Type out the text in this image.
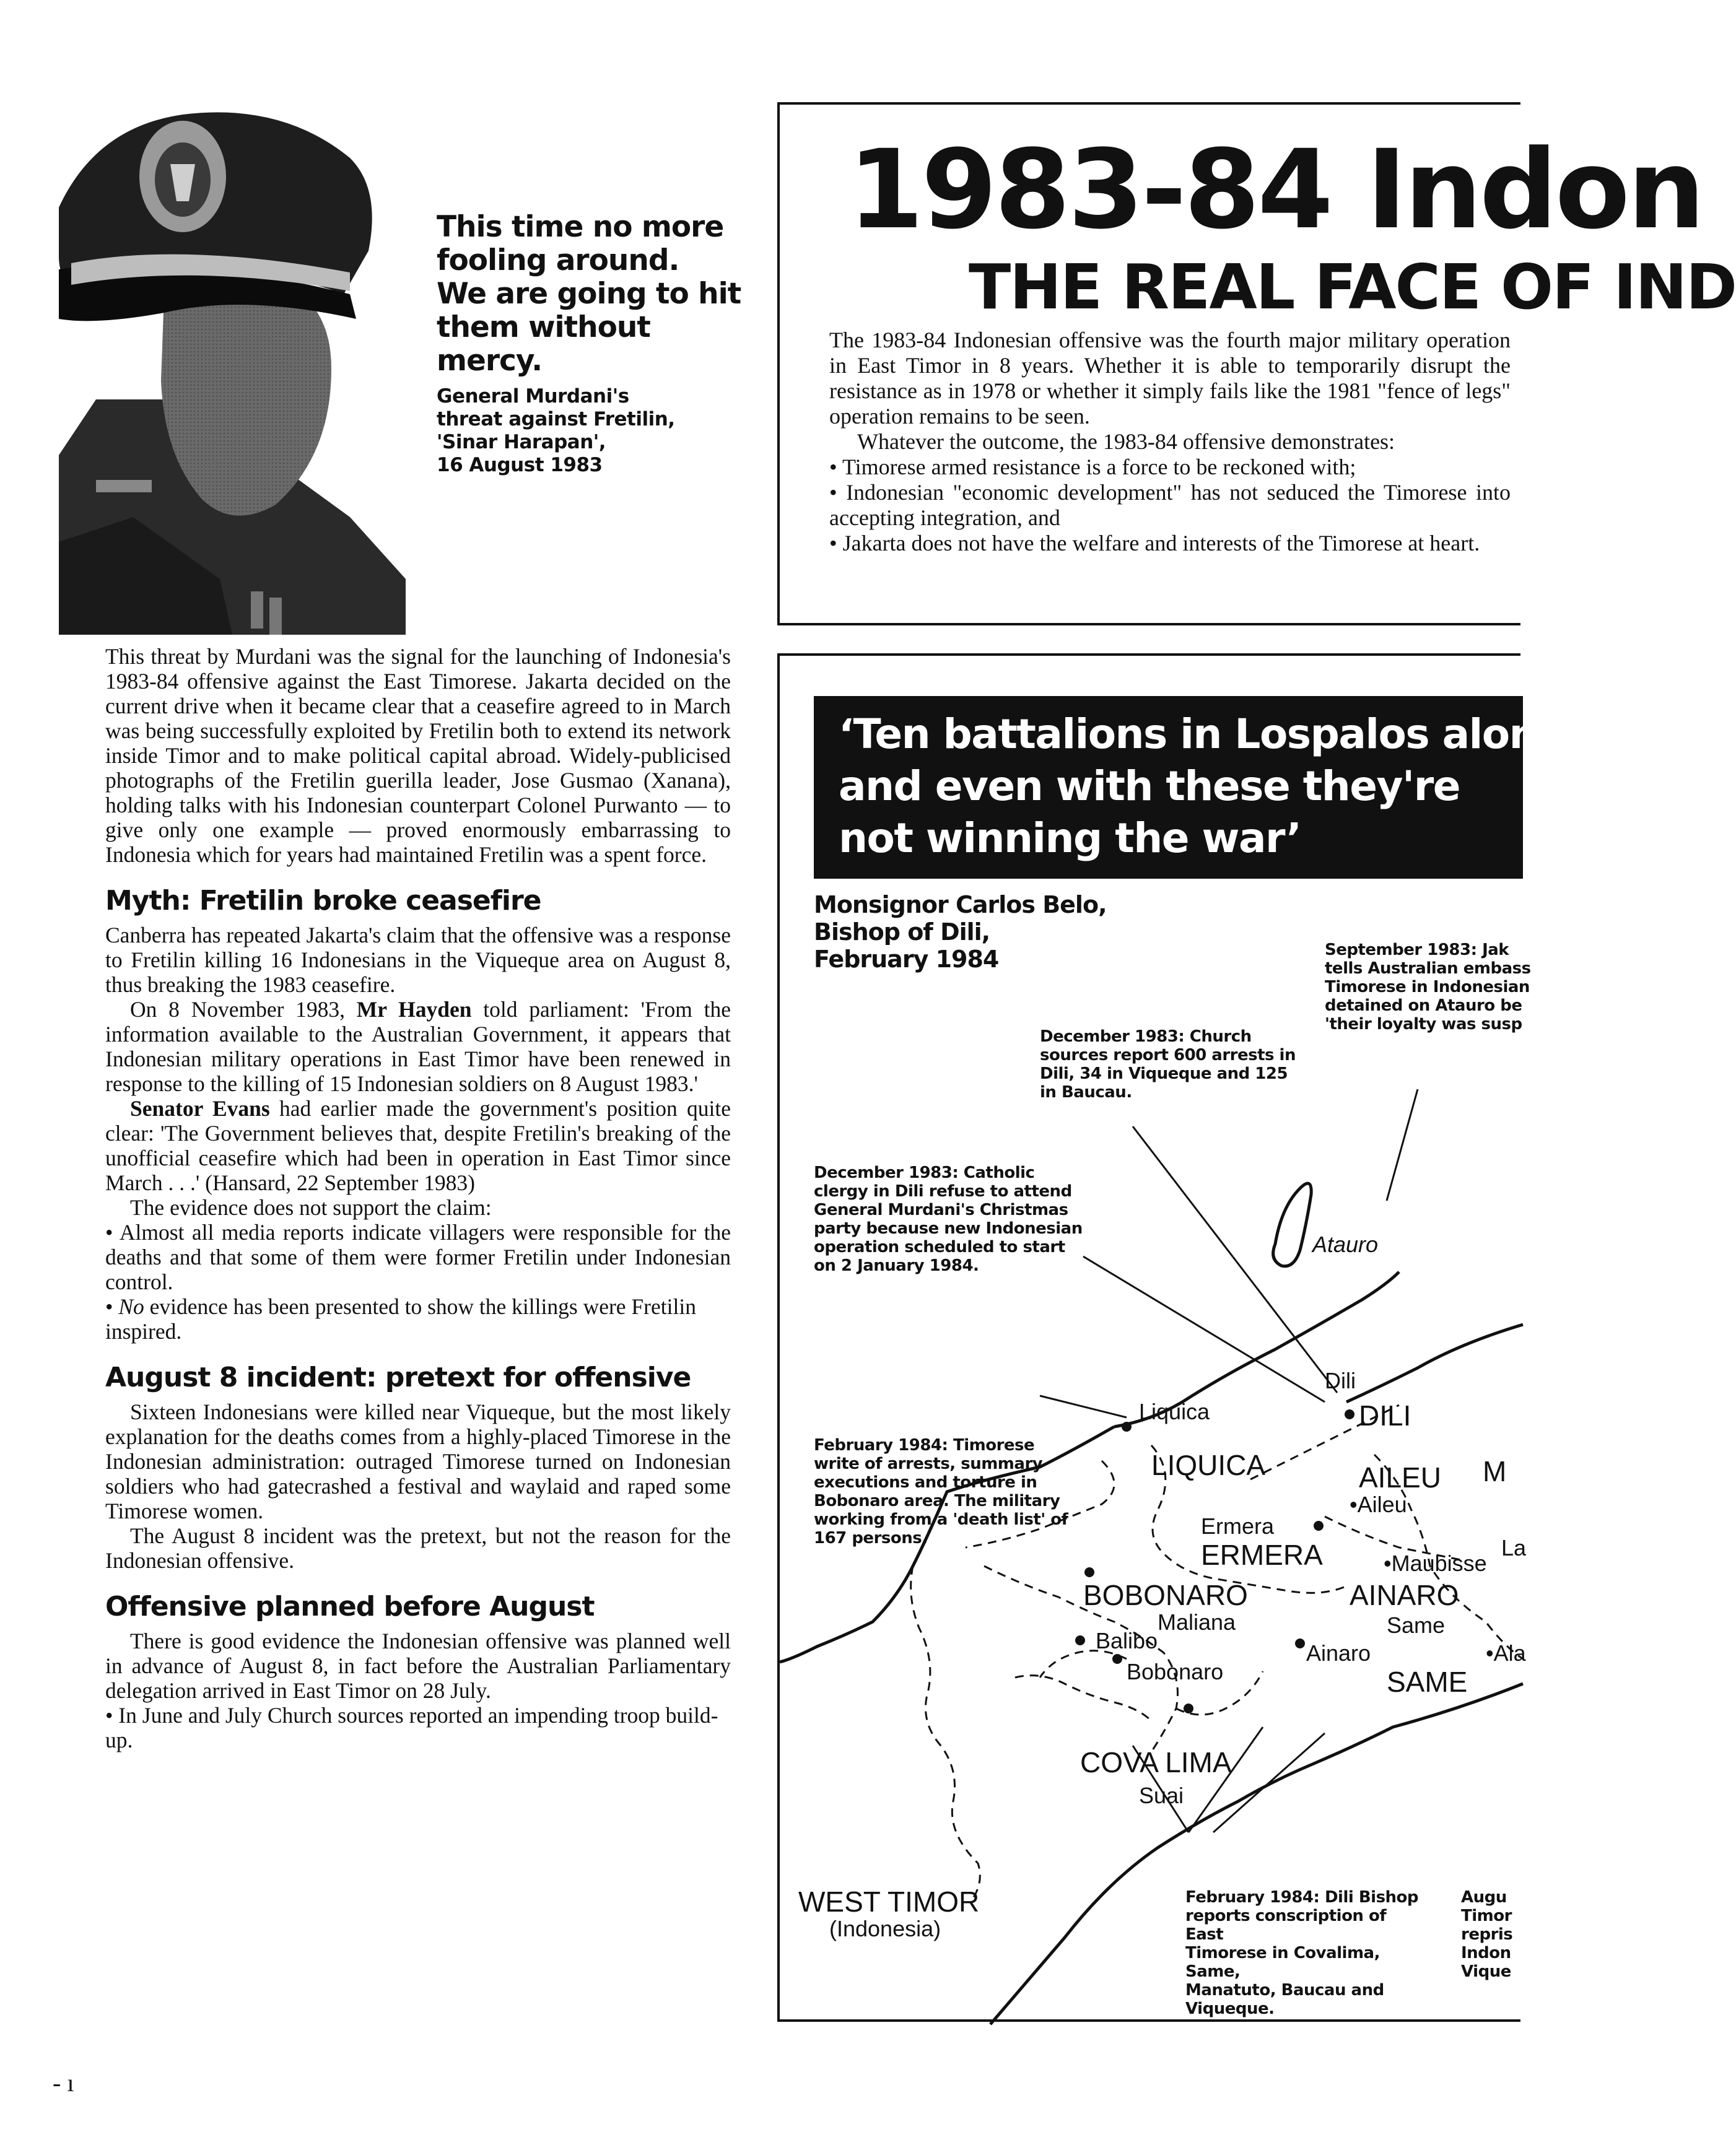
This time no more

fooling around.

We are going to hit

them without mercy.

General Murdani's
threat against Fretilin,
'Sinar Harapan',
16 August 1983

This threat by Murdani was the signal for the launching of Indonesia's 1983-84 offensive against the East Timorese. Jakarta decided on the current drive when it became clear that a ceasefire agreed to in March was being successfully exploited by Fretilin both to extend its network inside Timor and to make political capital abroad. Widely-publicised photographs of the Fretilin guerilla leader, Jose Gusmao (Xanana), holding talks with his Indonesian counterpart Colonel Purwanto — to give only one example — proved enormously embarrassing to Indonesia which for years had maintained Fretilin was a spent force.

Myth: Fretilin broke ceasefire

Canberra has repeated Jakarta's claim that the offensive was a response to Fretilin killing 16 Indonesians in the Viqueque area on August 8, thus breaking the 1983 ceasefire.

On 8 November 1983, Mr Hayden told parliament: 'From the information available to the Australian Government, it appears that Indonesian military operations in East Timor have been renewed in response to the killing of 15 Indonesian soldiers on 8 August 1983.'

Senator Evans had earlier made the government's position quite clear: 'The Government believes that, despite Fretilin's breaking of the unofficial ceasefire which had been in operation in East Timor since March . . .' (Hansard, 22 September 1983)

The evidence does not support the claim:

• Almost all media reports indicate villagers were responsible for the deaths and that some of them were former Fretilin under Indonesian control.

• No evidence has been presented to show the killings were Fretilin inspired.

August 8 incident: pretext for offensive

Sixteen Indonesians were killed near Viqueque, but the most likely explanation for the deaths comes from a highly-placed Timorese in the Indonesian administration: outraged Timorese turned on Indonesian soldiers who had gatecrashed a festival and waylaid and raped some Timorese women.

The August 8 incident was the pretext, but not the reason for the Indonesian offensive.

Offensive planned before August

There is good evidence the Indonesian offensive was planned well in advance of August 8, in fact before the Australian Parliamentary delegation arrived in East Timor on 28 July.

• In June and July Church sources reported an impending troop build-up.

1983-84 Indon
THE REAL FACE OF IND

The 1983-84 Indonesian offensive was the fourth major military operation in East Timor in 8 years. Whether it is able to temporarily disrupt the resistance as in 1978 or whether it simply fails like the 1981 "fence of legs" operation remains to be seen.

Whatever the outcome, the 1983-84 offensive demonstrates:

• Timorese armed resistance is a force to be reckoned with;

• Indonesian "economic development" has not seduced the Timorese into accepting integration, and

• Jakarta does not have the welfare and interests of the Timorese at heart.

‘Ten battalions in Lospalos alone,

and even with these they're

not winning the war’

Monsignor Carlos Belo,
Bishop of Dili,
February 1984	September 1983: Jak
tells Australian embass
Timorese in Indonesian
detained on Atauro be
'their loyalty was susp
December 1983: Church
sources report 600 arrests in
Dili, 34 in Viqueque and 125
in Baucau.
December 1983: Catholic
clergy in Dili refuse to attend
General Murdani's Christmas
party because new Indonesian
operation scheduled to start
on 2 January 1984.
February 1984: Timorese
write of arrests, summary
executions and torture in
Bobonaro area. The military
working from a 'death list' of
167 persons.
February 1984: Dili Bishop
reports conscription of East
Timorese in Covalima, Same,
Manatuto, Baucau and
Viqueque.
Augu
Timor
repris
Indon
Vique
Atauro
Dili
DILI
Liquica
LIQUICA	AILEU
•Aileu
M
La
Ermera
ERMERA	•Maubisse
AINARO
BOBONARO
Maliana
Balibo
Bobonaro
Same
Ainaro	•Ala
SAME
COVA LIMA
Suai
WEST TIMOR
(Indonesia)
- ı
